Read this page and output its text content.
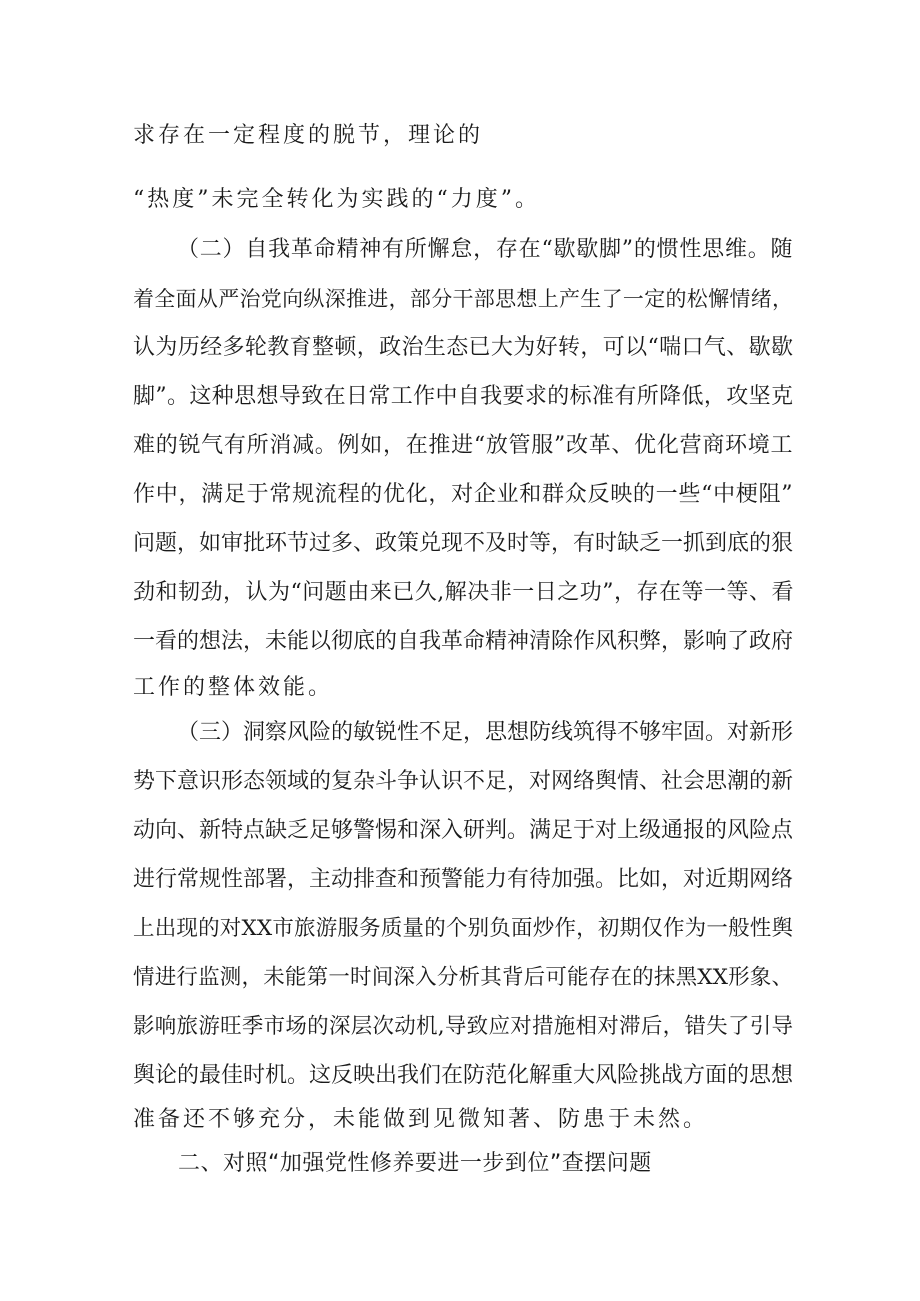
求存在一定程度的脱节，理论的
“热度”未完全转化为实践的“力度”。
（二）自我革命精神有所懈怠，存在“歇歇脚”的惯性思维。随
着全面从严治党向纵深推进，部分干部思想上产生了一定的松懈情绪，
认为历经多轮教育整顿，政治生态已大为好转，可以“喘口气、歇歇
脚”。这种思想导致在日常工作中自我要求的标准有所降低，攻坚克
难的锐气有所消减。例如，在推进“放管服”改革、优化营商环境工
作中，满足于常规流程的优化，对企业和群众反映的一些“中梗阻”
问题，如审批环节过多、政策兑现不及时等，有时缺乏一抓到底的狠
劲和韧劲，认为“问题由来已久,解决非一日之功”，存在等一等、看
一看的想法，未能以彻底的自我革命精神清除作风积弊，影响了政府
工作的整体效能。
（三）洞察风险的敏锐性不足，思想防线筑得不够牢固。对新形
势下意识形态领域的复杂斗争认识不足，对网络舆情、社会思潮的新
动向、新特点缺乏足够警惕和深入研判。满足于对上级通报的风险点
进行常规性部署，主动排查和预警能力有待加强。比如，对近期网络
上出现的对XX市旅游服务质量的个别负面炒作，初期仅作为一般性舆
情进行监测，未能第一时间深入分析其背后可能存在的抹黑XX形象、
影响旅游旺季市场的深层次动机,导致应对措施相对滞后，错失了引导
舆论的最佳时机。这反映出我们在防范化解重大风险挑战方面的思想
准备还不够充分，未能做到见微知著、防患于未然。
二、对照“加强党性修养要进一步到位”查摆问题
